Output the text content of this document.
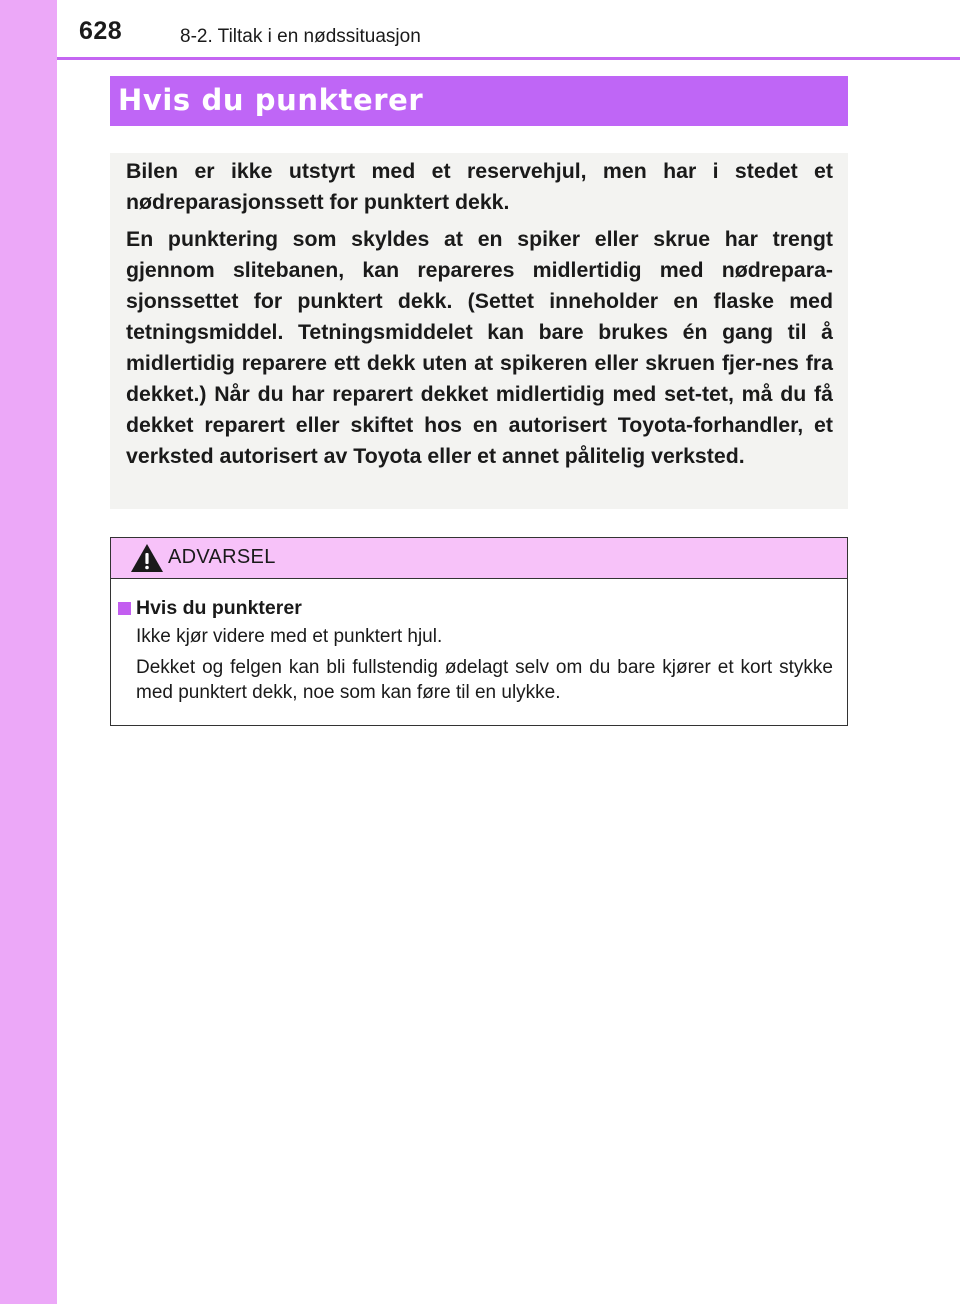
628	8-2. Tiltak i en nødssituasjon
Hvis du punkterer

Bilen er ikke utstyrt med et reservehjul, men har i stedet et nødreparasjonssett for punktert dekk.

En punktering som skyldes at en spiker eller skrue har trengt gjennom slitebanen, kan repareres midlertidig med nødrepara-sjonssettet for punktert dekk. (Settet inneholder en flaske med tetningsmiddel. Tetningsmiddelet kan bare brukes én gang til å midlertidig reparere ett dekk uten at spikeren eller skruen fjer-nes fra dekket.) Når du har reparert dekket midlertidig med set-tet, må du få dekket reparert eller skiftet hos en autorisert Toyota-forhandler, et verksted autorisert av Toyota eller et annet pålitelig verksted.

ADVARSEL
Hvis du punkterer

Ikke kjør videre med et punktert hjul.

Dekket og felgen kan bli fullstendig ødelagt selv om du bare kjører et kort stykke med punktert dekk, noe som kan føre til en ulykke.
